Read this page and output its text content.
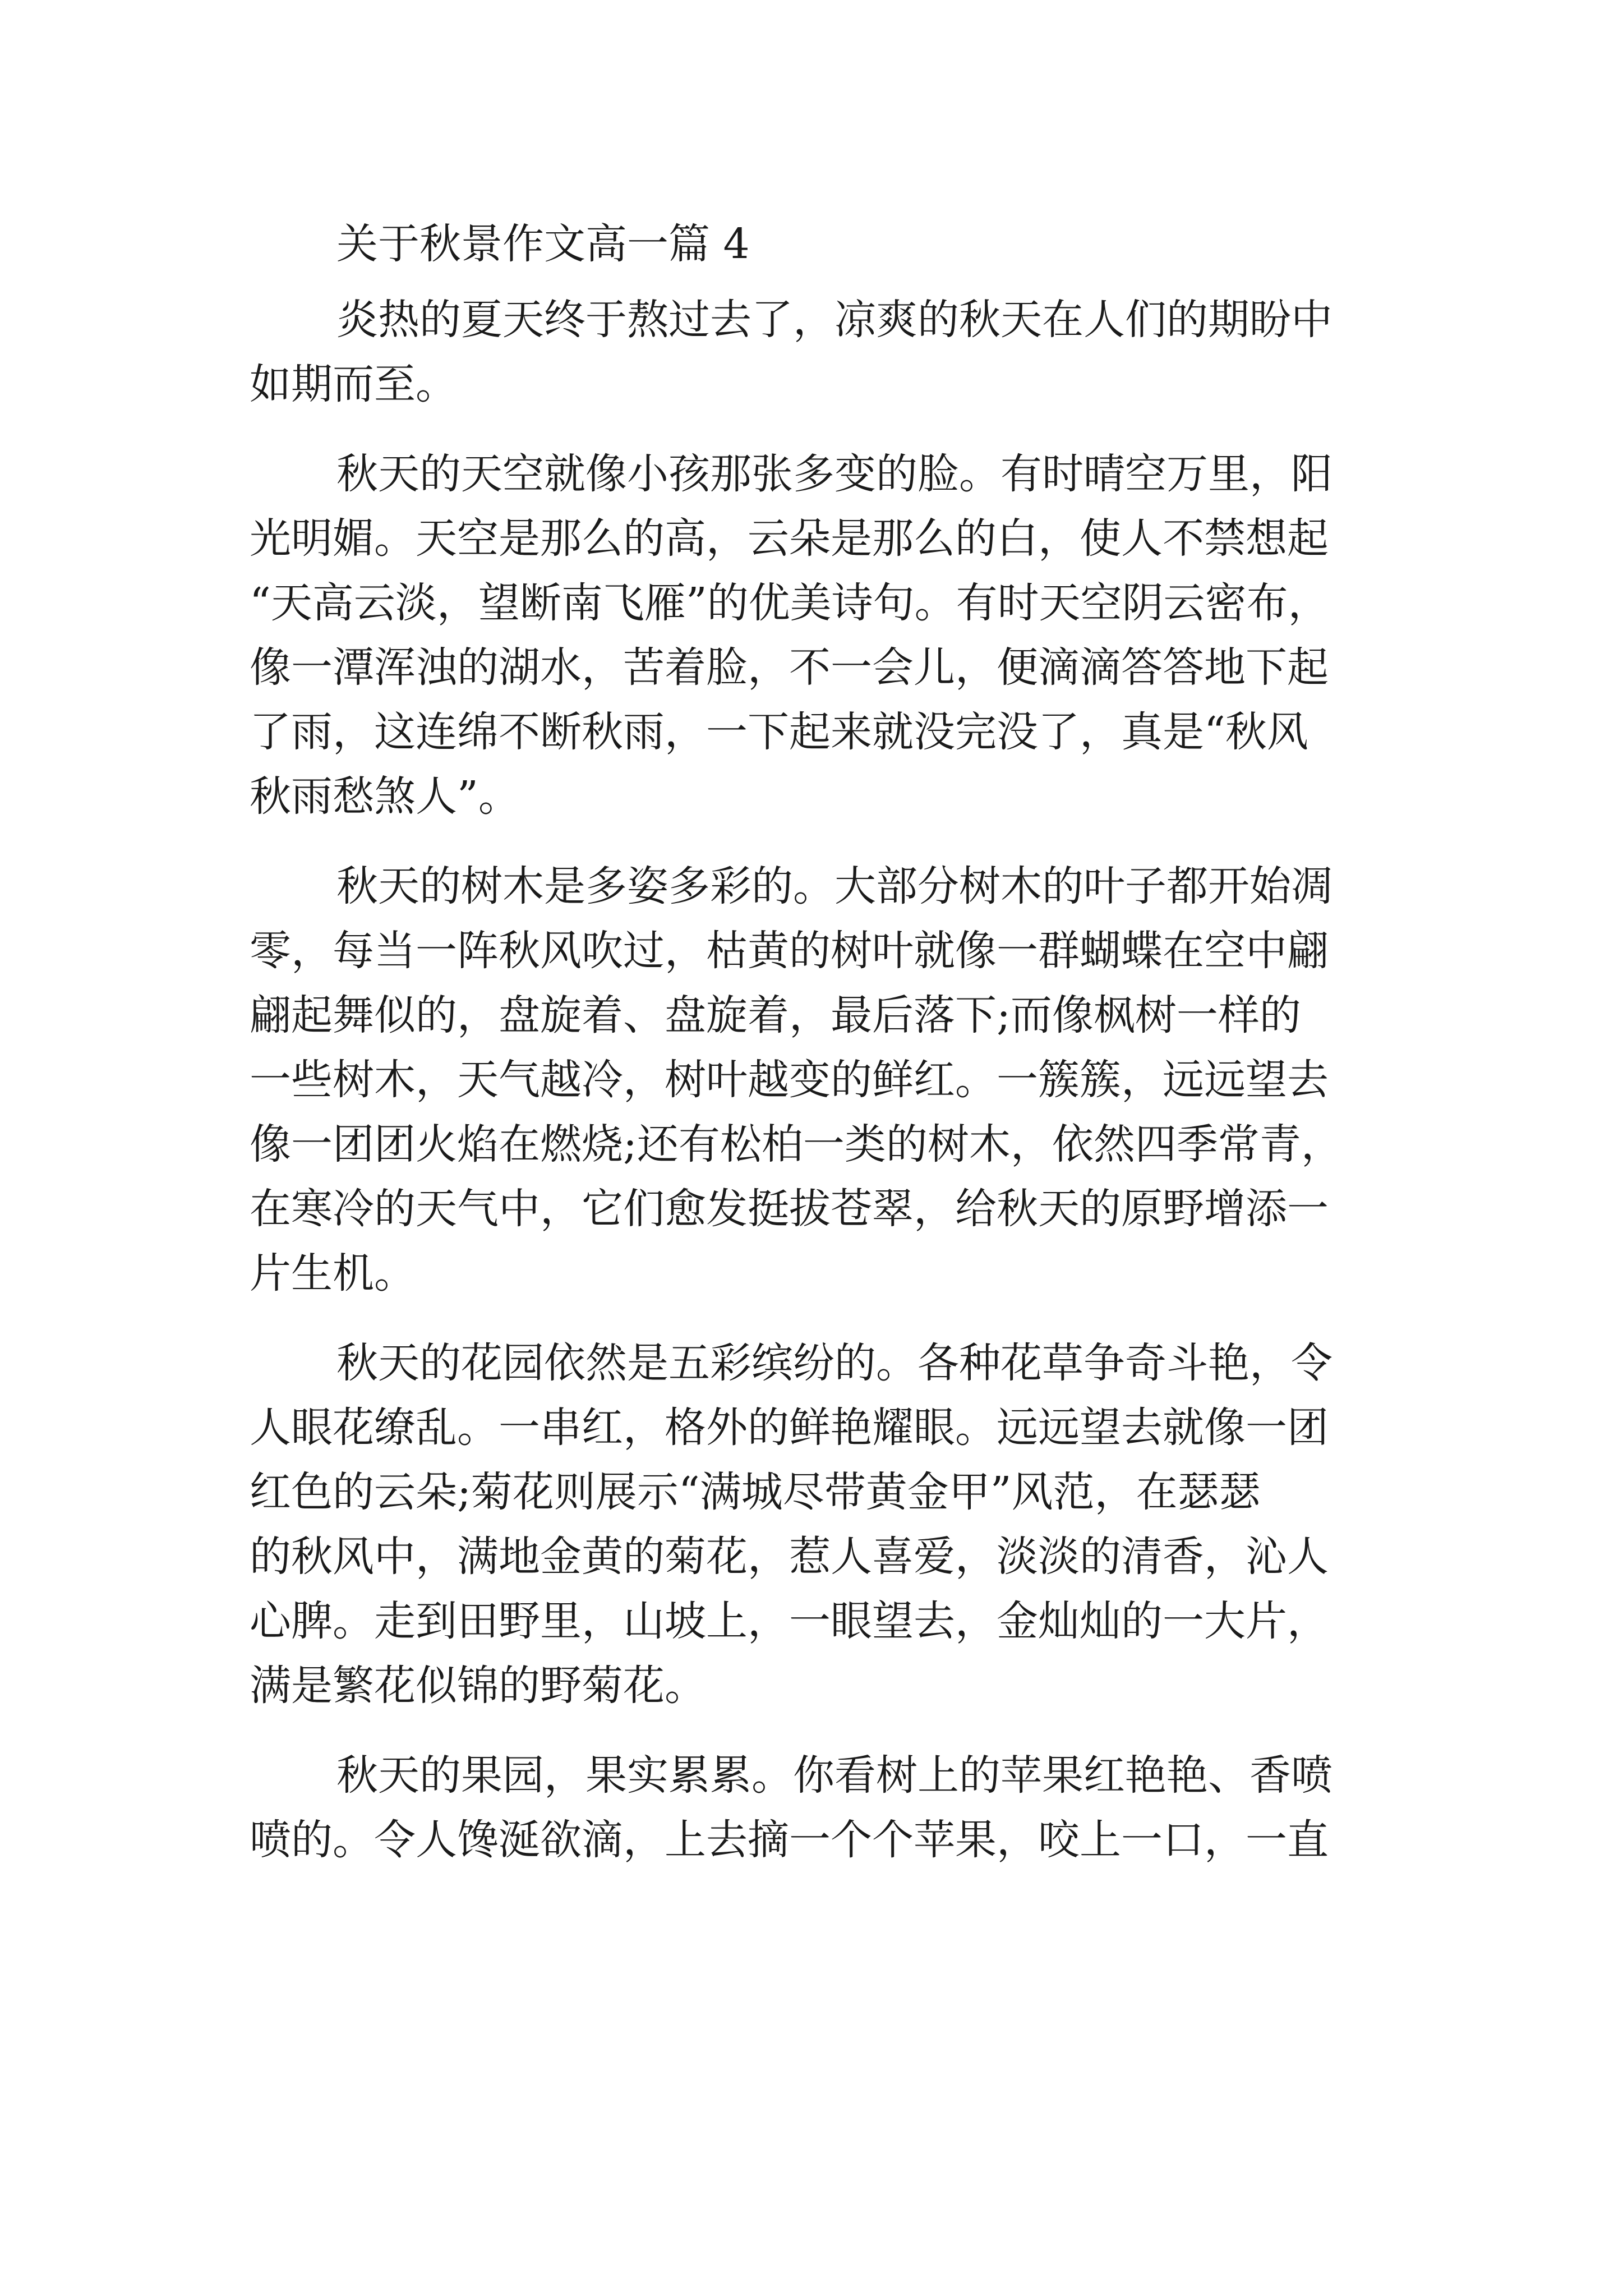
关于秋景作文高一篇 4

炎热的夏天终于熬过去了，凉爽的秋天在人们的期盼中

如期而至。

秋天的天空就像小孩那张多变的脸。有时晴空万里，阳

光明媚。天空是那么的高，云朵是那么的白，使人不禁想起

“天高云淡，望断南飞雁”的优美诗句。有时天空阴云密布，

像一潭浑浊的湖水，苦着脸，不一会儿，便滴滴答答地下起

了雨，这连绵不断秋雨，一下起来就没完没了，真是“秋风

秋雨愁煞人”。

秋天的树木是多姿多彩的。大部分树木的叶子都开始凋

零，每当一阵秋风吹过，枯黄的树叶就像一群蝴蝶在空中翩

翩起舞似的，盘旋着、盘旋着，最后落下;而像枫树一样的

一些树木，天气越冷，树叶越变的鲜红。一簇簇，远远望去

像一团团火焰在燃烧;还有松柏一类的树木，依然四季常青，

在寒冷的天气中，它们愈发挺拔苍翠，给秋天的原野增添一

片生机。

秋天的花园依然是五彩缤纷的。各种花草争奇斗艳，令

人眼花缭乱。一串红，格外的鲜艳耀眼。远远望去就像一团

红色的云朵;菊花则展示“满城尽带黄金甲”风范，在瑟瑟

的秋风中，满地金黄的菊花，惹人喜爱，淡淡的清香，沁人

心脾。走到田野里，山坡上，一眼望去，金灿灿的一大片，

满是繁花似锦的野菊花。

秋天的果园，果实累累。你看树上的苹果红艳艳、香喷

喷的。令人馋涎欲滴，上去摘一个个苹果，咬上一口，一直
